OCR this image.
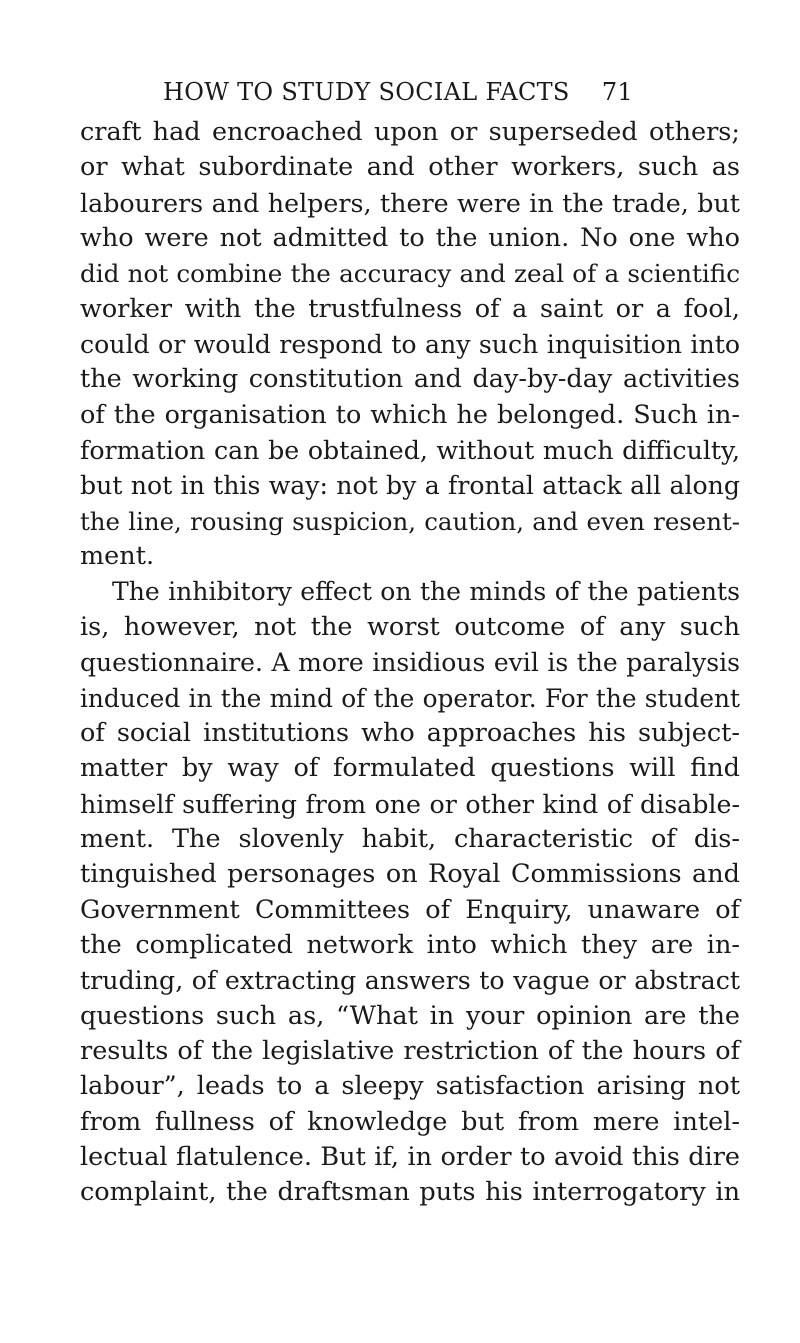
HOW TO STUDY SOCIAL FACTS 71
craft had encroached upon or superseded others;
or what subordinate and other workers, such as
labourers and helpers, there were in the trade, but
who were not admitted to the union. No one who
did not combine the accuracy and zeal of a scientific
worker with the trustfulness of a saint or a fool,
could or would respond to any such inquisition into
the working constitution and day-by-day activities
of the organisation to which he belonged. Such in-
formation can be obtained, without much difficulty,
but not in this way: not by a frontal attack all along
the line, rousing suspicion, caution, and even resent-
ment.
The inhibitory effect on the minds of the patients
is, however, not the worst outcome of any such
questionnaire. A more insidious evil is the paralysis
induced in the mind of the operator. For the student
of social institutions who approaches his subject-
matter by way of formulated questions will find
himself suffering from one or other kind of disable-
ment. The slovenly habit, characteristic of dis-
tinguished personages on Royal Commissions and
Government Committees of Enquiry, unaware of
the complicated network into which they are in-
truding, of extracting answers to vague or abstract
questions such as, “What in your opinion are the
results of the legislative restriction of the hours of
labour”, leads to a sleepy satisfaction arising not
from fullness of knowledge but from mere intel-
lectual flatulence. But if, in order to avoid this dire
complaint, the draftsman puts his interrogatory in
